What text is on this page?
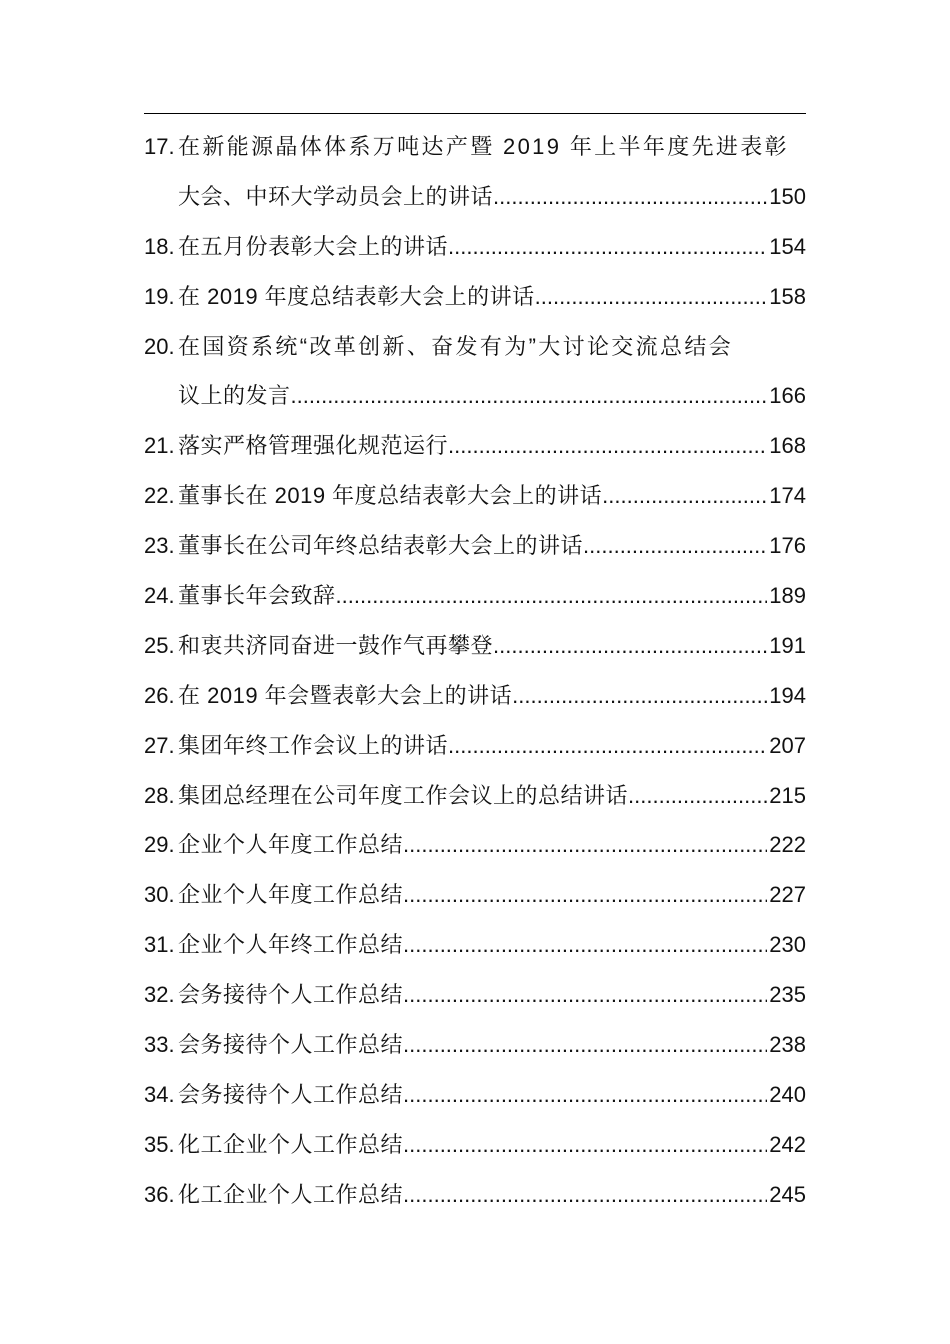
17. 在新能源晶体体系万吨达产暨 2019 年上半年度先进表彰
大会、中环大学动员会上的讲话 .....	150
18. 在五月份表彰大会上的讲话 .....	154
19. 在 2019 年度总结表彰大会上的讲话 .....	158
20. 在国资系统“改革创新、奋发有为”大讨论交流总结会
议上的发言 .....	166
21. 落实严格管理强化规范运行 .....	168
22. 董事长在 2019 年度总结表彰大会上的讲话 .....	174
23. 董事长在公司年终总结表彰大会上的讲话 .....	176
24. 董事长年会致辞 .....	189
25. 和衷共济同奋进一鼓作气再攀登 .....	191
26. 在 2019 年会暨表彰大会上的讲话 .....	194
27. 集团年终工作会议上的讲话 .....	207
28. 集团总经理在公司年度工作会议上的总结讲话 .....	215
29. 企业个人年度工作总结 .....	222
30. 企业个人年度工作总结 .....	227
31. 企业个人年终工作总结 .....	230
32. 会务接待个人工作总结 .....	235
33. 会务接待个人工作总结 .....	238
34. 会务接待个人工作总结 .....	240
35. 化工企业个人工作总结 .....	242
36. 化工企业个人工作总结 .....	245
